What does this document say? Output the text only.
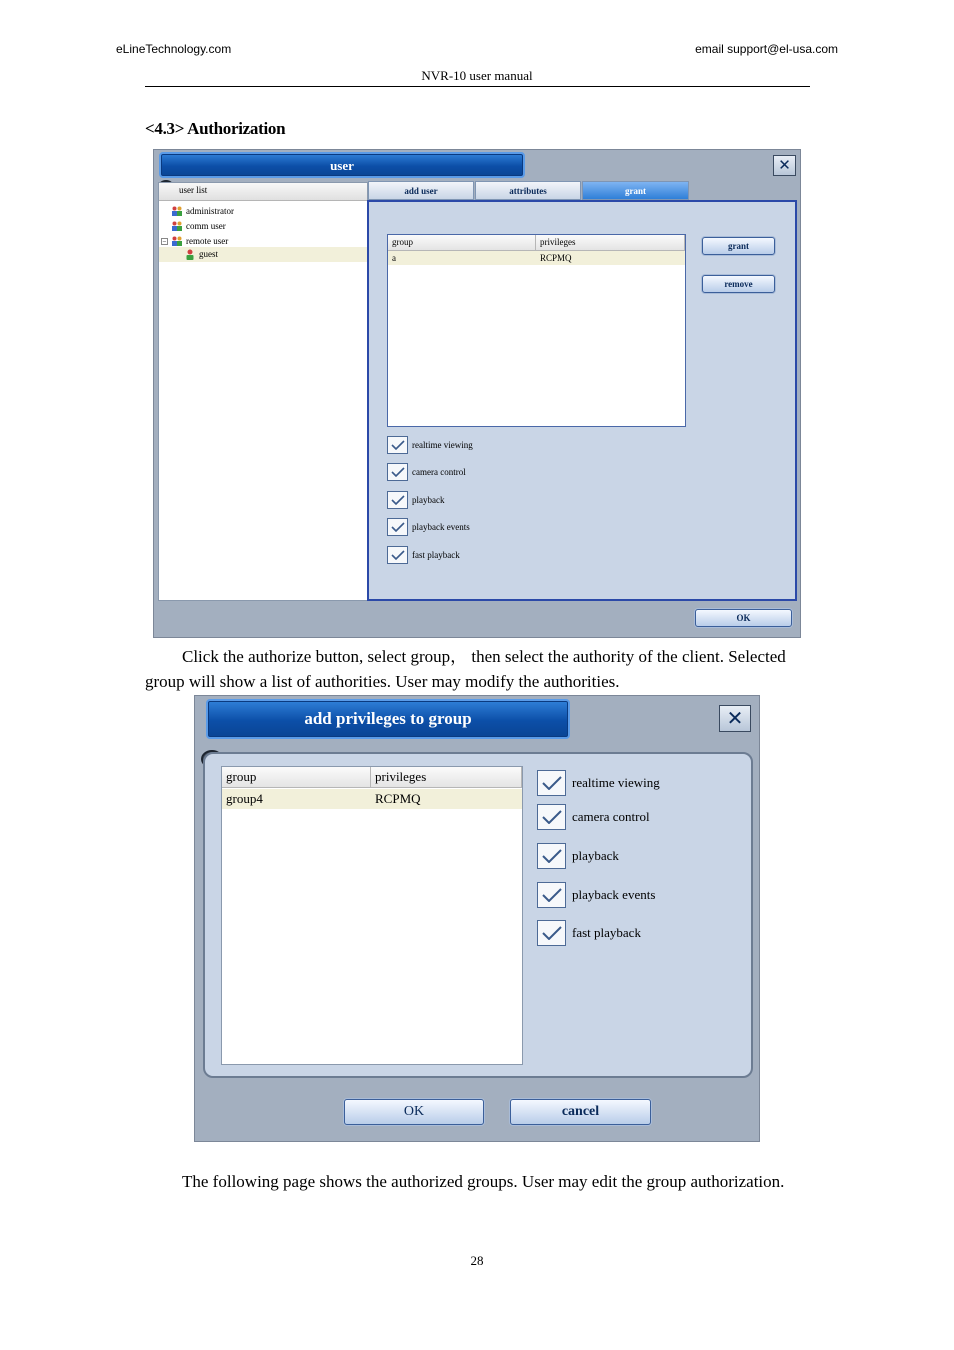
eLineTechnology.com	email support@el-usa.com
NVR-10 user manual
<4.3> Authorization
user	✕
user list
administrator
comm user
− remote user
guest
add user	attributes	grant
group	privileges
a	RCPMQ
grant
remove
realtime viewing
camera control
playback
playback events
fast playback
OK
Click the authorize button, select group， then select the authority of the client. Selected group will show a list of authorities. User may modify the authorities.
add privileges to group	✕
group	privileges
group4	RCPMQ
realtime viewing
camera control
playback
playback events
fast playback
OK	cancel
The following page shows the authorized groups. User may edit the group authorization.
28
